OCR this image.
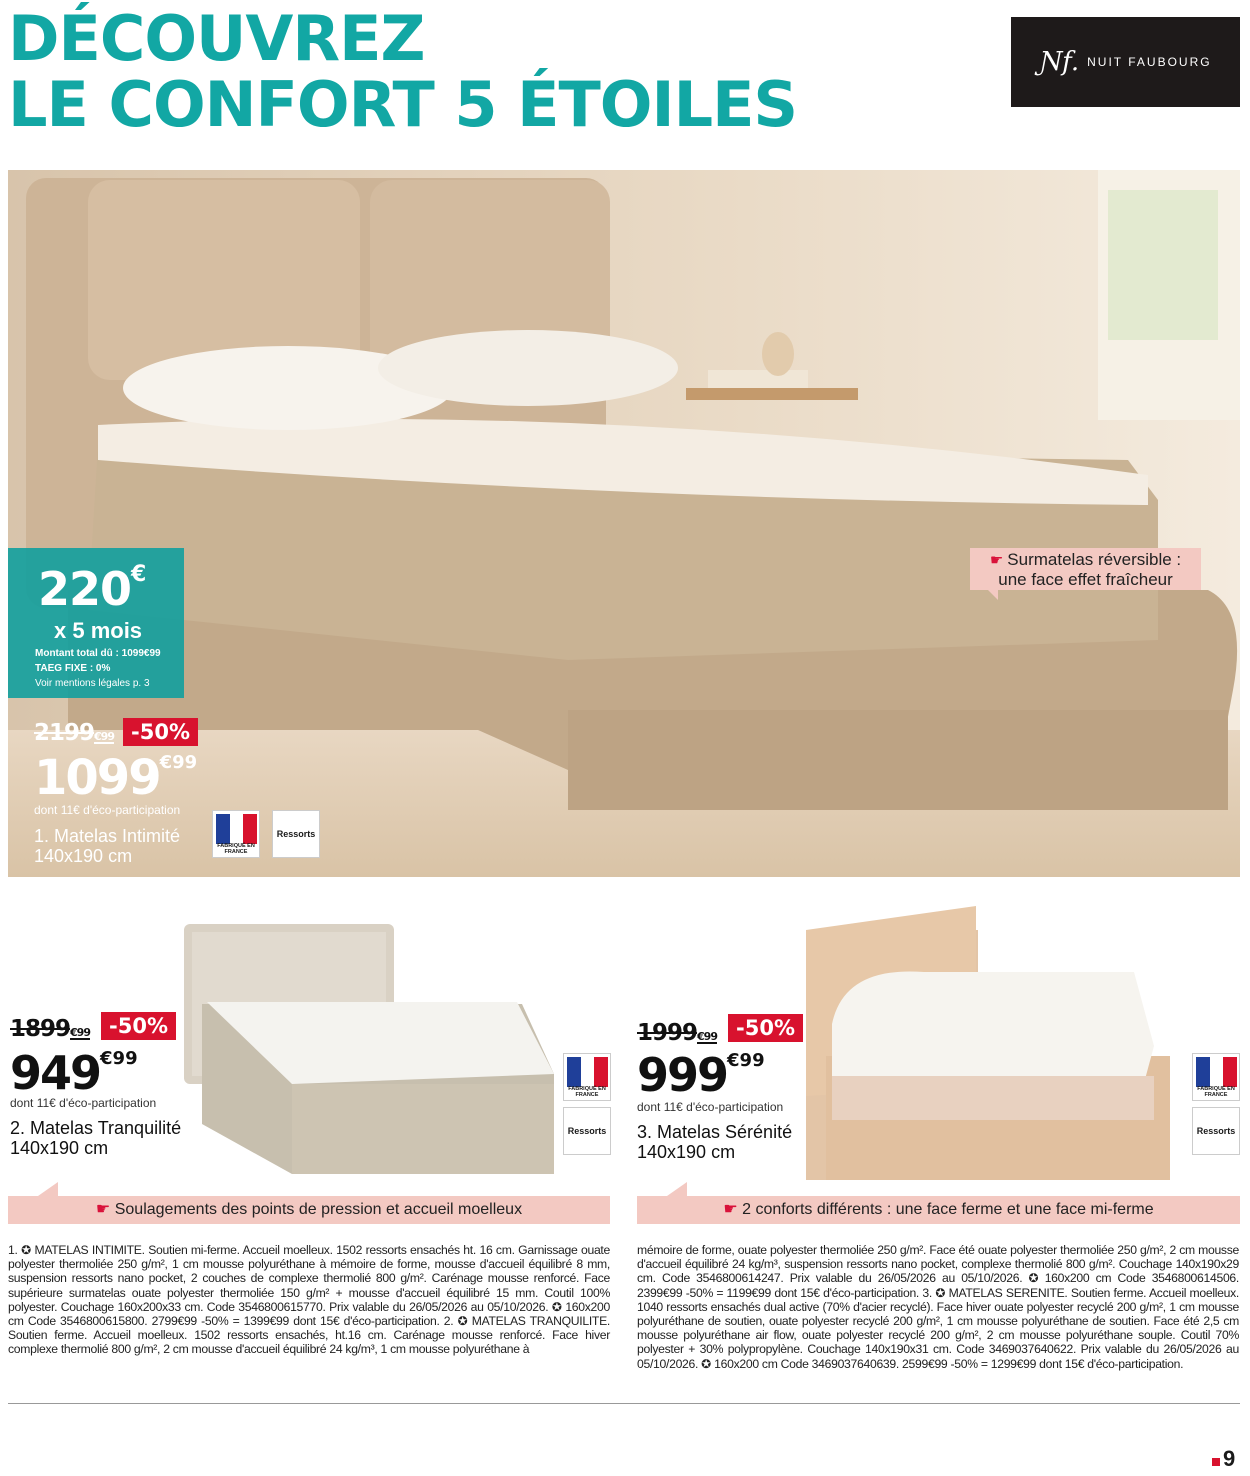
DÉCOUVREZ
LE CONFORT 5 ÉTOILES
Ɲf. NUIT FAUBOURG
☛ Surmatelas réversible : une face effet fraîcheur
220€
x 5 mois
Montant total dû : 1099€99
TAEG FIXE : 0%
Voir mentions légales p. 3
2199€99 -50%
1099€99
dont 11€ d'éco-participation
1. Matelas Intimité
140x190 cm	FABRIQUÉ EN FRANCE
Ressorts
1899€99 -50%
949€99
dont 11€ d'éco-participation
2. Matelas Tranquilité
140x190 cm
FABRIQUÉ EN FRANCE
Ressorts
1999€99 -50%
999€99
dont 11€ d'éco-participation
3. Matelas Sérénité
140x190 cm
FABRIQUÉ EN FRANCE
Ressorts
☛ Soulagements des points de pression et accueil moelleux	☛ 2 conforts différents : une face ferme et une face mi-ferme
1. ✪ MATELAS INTIMITE. Soutien mi-ferme. Accueil moelleux. 1502 ressorts ensachés ht. 16 cm. Garnissage ouate polyester thermoliée 250 g/m², 1 cm mousse polyuréthane à mémoire de forme, mousse d'accueil équilibré 8 mm, suspension ressorts nano pocket, 2 couches de complexe thermolié 800 g/m². Carénage mousse renforcé. Face supérieure surmatelas ouate polyester thermoliée 150 g/m² + mousse d'accueil équilibré 15 mm. Coutil 100% polyester. Couchage 160x200x33 cm. Code 3546800615770. Prix valable du 26/05/2026 au 05/10/2026. ✪ 160x200 cm Code 3546800615800. 2799€99 -50% = 1399€99 dont 15€ d'éco-participation. 2. ✪ MATELAS TRANQUILITE. Soutien ferme. Accueil moelleux. 1502 ressorts ensachés, ht.16 cm. Carénage mousse renforcé. Face hiver complexe thermolié 800 g/m², 2 cm mousse d'accueil équilibré 24 kg/m³, 1 cm mousse polyuréthane à
mémoire de forme, ouate polyester thermoliée 250 g/m². Face été ouate polyester thermoliée 250 g/m², 2 cm mousse d'accueil équilibré 24 kg/m³, suspension ressorts nano pocket, complexe thermolié 800 g/m². Couchage 140x190x29 cm. Code 3546800614247. Prix valable du 26/05/2026 au 05/10/2026. ✪ 160x200 cm Code 3546800614506. 2399€99 -50% = 1199€99 dont 15€ d'éco-participation. 3. ✪ MATELAS SERENITE. Soutien ferme. Accueil moelleux. 1040 ressorts ensachés dual active (70% d'acier recyclé). Face hiver ouate polyester recyclé 200 g/m², 1 cm mousse polyuréthane de soutien, ouate polyester recyclé 200 g/m², 1 cm mousse polyuréthane de soutien. Face été 2,5 cm mousse polyuréthane air flow, ouate polyester recyclé 200 g/m², 2 cm mousse polyuréthane souple. Coutil 70% polyester + 30% polypropylène. Couchage 140x190x31 cm. Code 3469037640622. Prix valable du 26/05/2026 au 05/10/2026. ✪ 160x200 cm Code 3469037640639. 2599€99 -50% = 1299€99 dont 15€ d'éco-participation.
9
